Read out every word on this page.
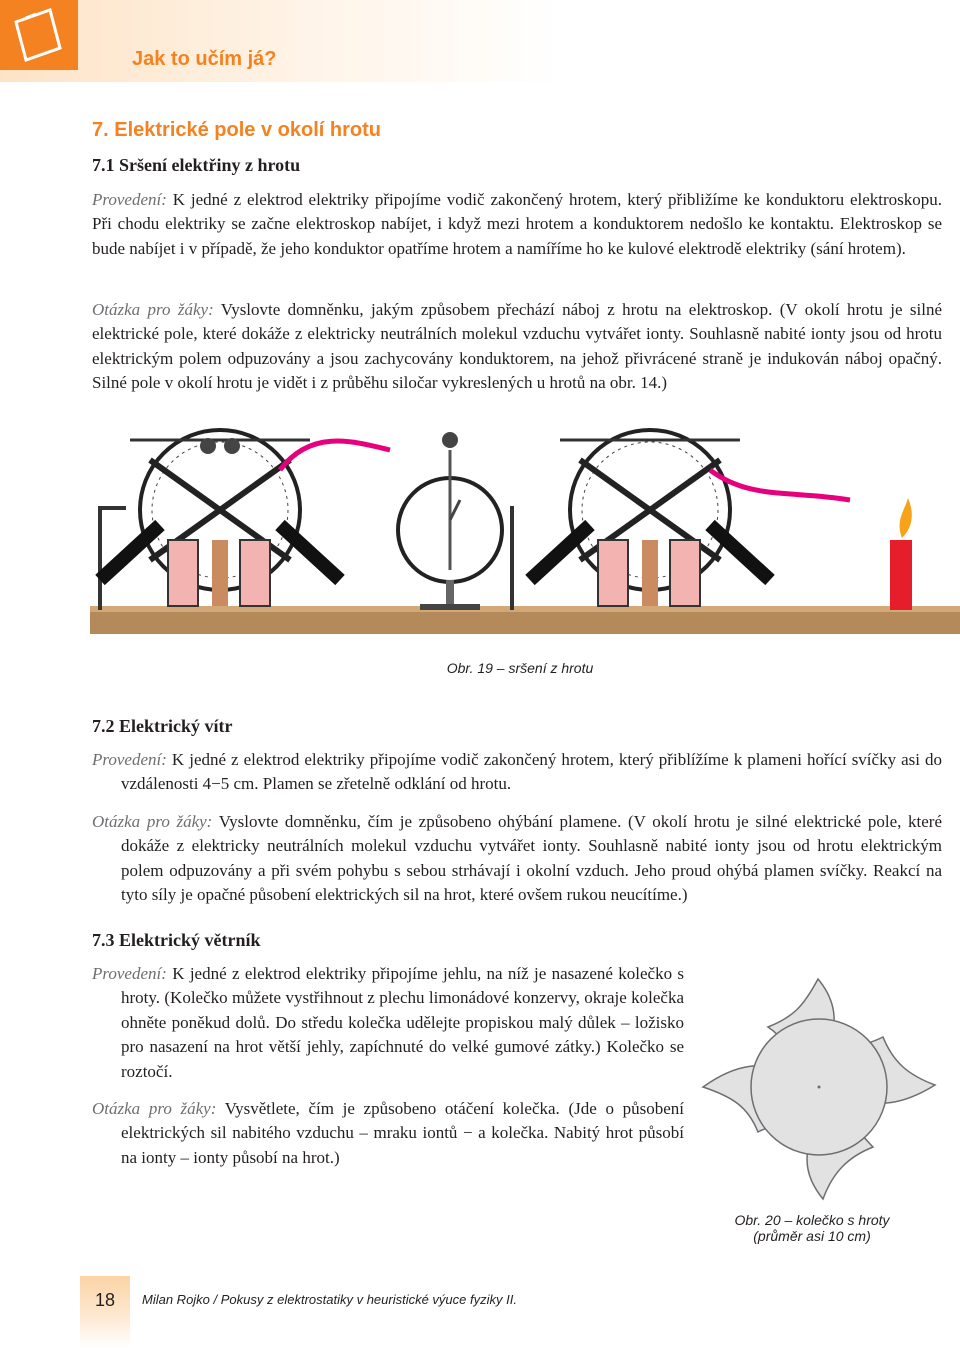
Jak to učím já?
7. Elektrické pole v okolí hrotu
7.1 Sršení elektřiny z hrotu
Provedení: K jedné z elektrod elektriky připojíme vodič zakončený hrotem, který přibližíme ke konduktoru elektroskopu. Při chodu elektriky se začne elektroskop nabíjet, i když mezi hrotem a konduktorem nedošlo ke kontaktu. Elektroskop se bude nabíjet i v případě, že jeho konduktor opatříme hrotem a namíříme ho ke kulové elektrodě elektriky (sání hrotem).
Otázka pro žáky: Vyslovte domněnku, jakým způsobem přechází náboj z hrotu na elektroskop. (V okolí hrotu je silné elektrické pole, které dokáže z elektricky neutrálních molekul vzduchu vytvářet ionty. Souhlasně nabité ionty jsou od hrotu elektrickým polem odpuzovány a jsou zachycovány konduktorem, na jehož přivrácené straně je indukován náboj opačný. Silné pole v okolí hrotu je vidět i z průběhu siločar vykreslených u hrotů na obr. 14.)
Obr. 19 – sršení z hrotu
7.2 Elektrický vítr
Provedení: K jedné z elektrod elektriky připojíme vodič zakončený hrotem, který přiblížíme k plameni hořící svíčky asi do vzdálenosti 4−5 cm. Plamen se zřetelně odklání od hrotu.
Otázka pro žáky: Vyslovte domněnku, čím je způsobeno ohýbání plamene. (V okolí hrotu je silné elektrické pole, které dokáže z elektricky neutrálních molekul vzduchu vytvářet ionty. Souhlasně nabité ionty jsou od hrotu elektrickým polem odpuzovány a při svém pohybu s sebou strhávají i okolní vzduch. Jeho proud ohýbá plamen svíčky. Reakcí na tyto síly je opačné působení elektrických sil na hrot, které ovšem rukou neucítíme.)
7.3 Elektrický větrník
Provedení: K jedné z elektrod elektriky připojíme jehlu, na níž je nasazené kolečko s hroty. (Kolečko můžete vystřihnout z plechu limonádové konzervy, okraje kolečka ohněte poněkud dolů. Do středu kolečka udělejte propiskou malý důlek – ložisko pro nasazení na hrot větší jehly, zapíchnuté do velké gumové zátky.) Kolečko se roztočí.
Otázka pro žáky: Vysvětlete, čím je způsobeno otáčení kolečka. (Jde o působení elektrických sil nabitého vzduchu – mraku iontů − a kolečka. Nabitý hrot působí na ionty – ionty působí na hrot.)
Obr. 20 – kolečko s hroty
(průměr asi 10 cm)
18	Milan Rojko / Pokusy z elektrostatiky v heuristické výuce fyziky II.
